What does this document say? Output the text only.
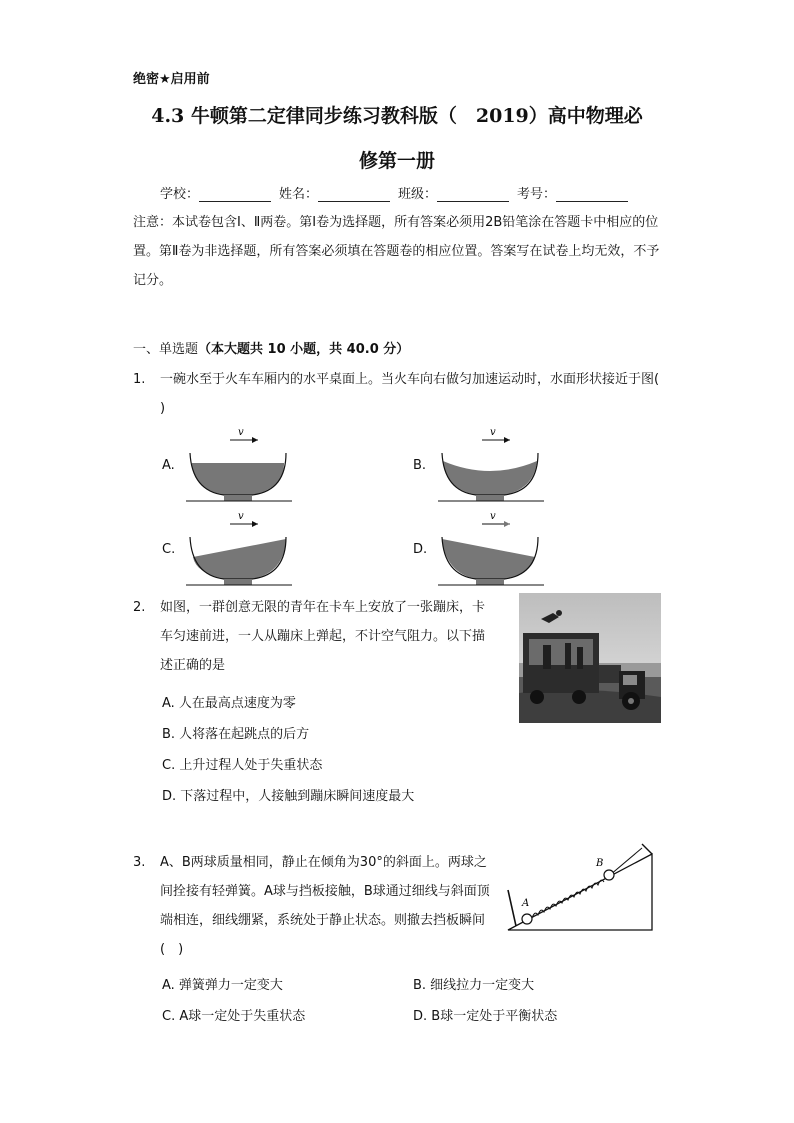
绝密★启用前
4.3 牛顿第二定律同步练习教科版（　2019）高中物理必
修第一册
学校：	姓名：	班级：	考号：
注意：本试卷包含Ⅰ、Ⅱ两卷。第Ⅰ卷为选择题，所有答案必须用2B铅笔涂在答题卡中相应的位置。第Ⅱ卷为非选择题，所有答案必须填在答题卷的相应位置。答案写在试卷上均无效，不予记分。
一、单选题（本大题共 10 小题，共 40.0 分）
1. 一碗水至于火车车厢内的水平桌面上。当火车向右做匀加速运动时，水面形状接近于图( )
A.	B.
C.	D.
v	v
v	v
2. 如图，一群创意无限的青年在卡车上安放了一张蹦床，卡车匀速前进，一人从蹦床上弹起，不计空气阻力。以下描述正确的是
A. 人在最高点速度为零
B. 人将落在起跳点的后方
C. 上升过程人处于失重状态
D. 下落过程中，人接触到蹦床瞬间速度最大
3. A、B两球质量相同，静止在倾角为30°的斜面上。两球之间拴接有轻弹簧。A球与挡板接触，B球通过细线与斜面顶端相连，细线绷紧，系统处于静止状态。则撤去挡板瞬间(　)
A
B
A. 弹簧弹力一定变大	B. 细线拉力一定变大
C. A球一定处于失重状态	D. B球一定处于平衡状态
